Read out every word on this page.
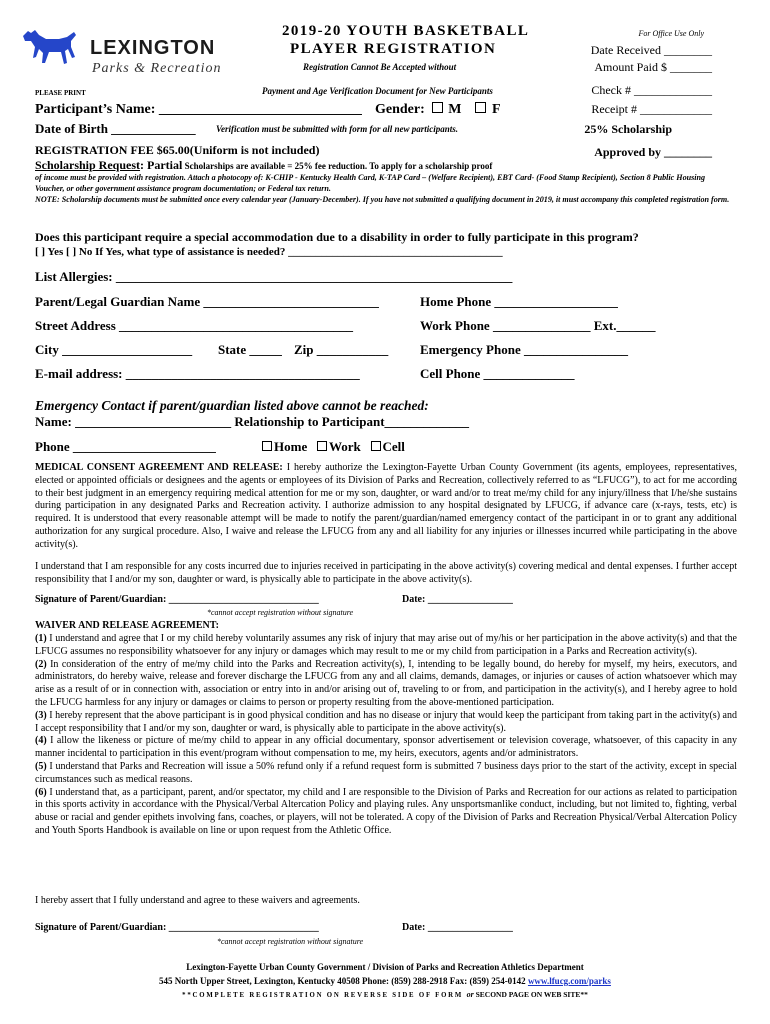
LEXINGTON
Parks & Recreation
2019-20 YOUTH BASKETBALL
PLAYER REGISTRATION
Registration Cannot Be Accepted without
Payment and Age Verification Document for New Participants
PLEASE PRINT
For Office Use Only
Date Received ________
Amount Paid $ _______
Check # _____________
Receipt # ____________
25% Scholarship
Approved by ________
Participant’s Name: _____________________________ Gender: M F
Date of Birth _____________ Verification must be submitted with form for all new participants.
REGISTRATION FEE $65.00(Uniform is not included)
Scholarship Request: Partial Scholarships are available = 25% fee reduction. To apply for a scholarship proof
of income must be provided with registration. Attach a photocopy of: K-CHIP - Kentucky Health Card, K-TAP Card – (Welfare Recipient), EBT Card- (Food Stamp Recipient), Section 8 Public Housing Voucher, or other government assistance program documentation; or Federal tax return.
NOTE: Scholarship documents must be submitted once every calendar year (January-December). If you have not submitted a qualifying document in 2019, it must accompany this completed registration form.
Does this participant require a special accommodation due to a disability in order to fully participate in this program?
[ ] Yes [ ] No If Yes, what type of assistance is needed? _______________________________________
List Allergies: _____________________________________________________________
Parent/Legal Guardian Name ___________________________	Home Phone ___________________
Street Address ____________________________________	Work Phone _______________ Ext.______
City ____________________ State _____ Zip ___________ Emergency Phone ________________
E-mail address: ____________________________________	Cell Phone ______________
Emergency Contact if parent/guardian listed above cannot be reached:
Name: ________________________ Relationship to Participant_____________
Phone ______________________	Home Work Cell
MEDICAL CONSENT AGREEMENT AND RELEASE: I hereby authorize the Lexington-Fayette Urban County Government (its agents, employees, representatives, elected or appointed officials or designees and the agents or employees of its Division of Parks and Recreation, collectively referred to as “LFUCG”), to act for me according to their best judgment in an emergency requiring medical attention for me or my son, daughter, or ward and/or to treat me/my child for any injury/illness that I/he/she sustains during participation in any designated Parks and Recreation activity. I authorize admission to any hospital designated by LFUCG, if advance care (x-rays, tests, etc) is required. It is understood that every reasonable attempt will be made to notify the parent/guardian/named emergency contact of the participant in or to grant any additional authorization for any surgical procedure. Also, I waive and release the LFUCG from any and all liability for any injuries or illnesses incurred while participating in the above activity(s).
I understand that I am responsible for any costs incurred due to injuries received in participating in the above activity(s) covering medical and dental expenses. I further accept responsibility that I and/or my son, daughter or ward, is physically able to participate in the above activity(s).
Signature of Parent/Guardian: ______________________________	Date: _________________
*cannot accept registration without signature
WAIVER AND RELEASE AGREEMENT:
(1) I understand and agree that I or my child hereby voluntarily assumes any risk of injury that may arise out of my/his or her participation in the above activity(s) and that the LFUCG assumes no responsibility whatsoever for any injury or damages which may result to me or my child from participation in a Parks and Recreation activity(s).
(2) In consideration of the entry of me/my child into the Parks and Recreation activity(s), I, intending to be legally bound, do hereby for myself, my heirs, executors, and administrators, do hereby waive, release and forever discharge the LFUCG from any and all claims, demands, damages, or injuries or causes of action whatsoever which may arise as a result of or in connection with, association or entry into in and/or arising out of, traveling to or from, and participation in the activity(s), and I hereby agree to hold the LFUCG harmless for any injury or damages or claims to person or property resulting from the above-mentioned participation.
(3) I hereby represent that the above participant is in good physical condition and has no disease or injury that would keep the participant from taking part in the activity(s) and I accept responsibility that I and/or my son, daughter or ward, is physically able to participate in the above activity(s).
(4) I allow the likeness or picture of me/my child to appear in any official documentary, sponsor advertisement or television coverage, whatsoever, of this capacity in any manner incidental to participation in this event/program without compensation to me, my heirs, executors, agents and/or administrators.
(5) I understand that Parks and Recreation will issue a 50% refund only if a refund request form is submitted 7 business days prior to the start of the activity, except in special circumstances such as medical reasons.
(6) I understand that, as a participant, parent, and/or spectator, my child and I are responsible to the Division of Parks and Recreation for our actions as related to participation in this sports activity in accordance with the Physical/Verbal Altercation Policy and playing rules. Any unsportsmanlike conduct, including, but not limited to, fighting, verbal abuse or racial and gender epithets involving fans, coaches, or players, will not be tolerated. A copy of the Division of Parks and Recreation Physical/Verbal Altercation Policy and Youth Sports Handbook is available on line or upon request from the Athletic Office.
I hereby assert that I fully understand and agree to these waivers and agreements.
Signature of Parent/Guardian: ______________________________	Date: _________________
*cannot accept registration without signature
Lexington-Fayette Urban County Government / Division of Parks and Recreation Athletics Department
545 North Upper Street, Lexington, Kentucky 40508 Phone: (859) 288-2918 Fax: (859) 254-0142 www.lfucg.com/parks
**COMPLETE REGISTRATION ON REVERSE SIDE OF FORM or SECOND PAGE ON WEB SITE**
